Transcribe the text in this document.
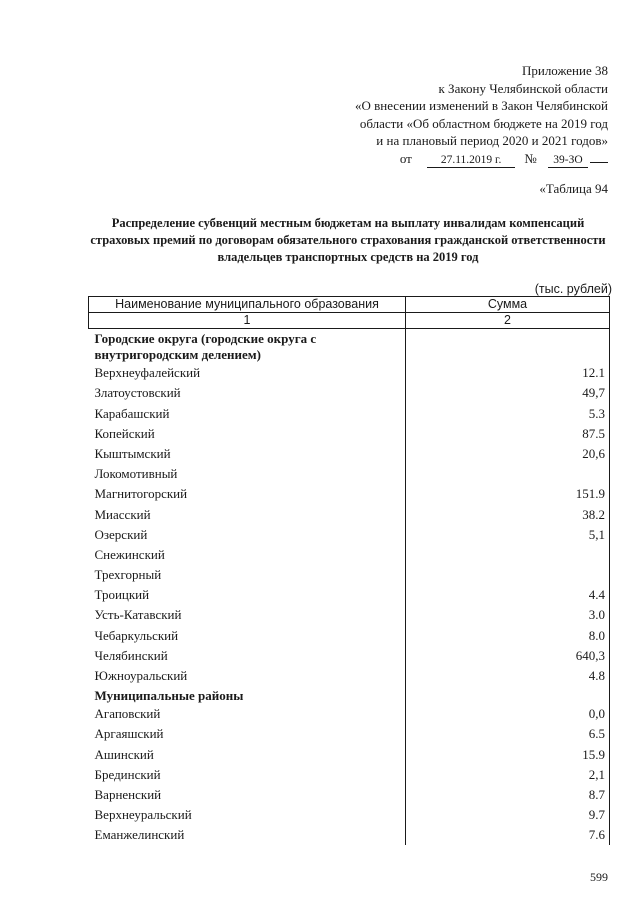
Приложение 38
к Закону Челябинской области
«О внесении изменений в Закон Челябинской
области «Об областном бюджете на 2019 год
и на плановый период 2020 и 2021 годов»
от	27.11.2019 г. № 39-ЗО
«Таблица 94
Распределение субвенций местным бюджетам на выплату инвалидам компенсаций страховых премий по договорам обязательного страхования гражданской ответственности владельцев транспортных средств на 2019 год
(тыс. рублей)
Наименование муниципального образования	Сумма
1	2
Городские округа (городские округа с внутригородским делением)	
Верхнеуфалейский	12.1
Златоустовский	49,7
Карабашский	5.3
Копейский	87.5
Кыштымский	20,6
Локомотивный	
Магнитогорский	151.9
Миасский	38.2
Озерский	5,1
Снежинский	
Трехгорный	
Троицкий	4.4
Усть-Катавский	3.0
Чебаркульский	8.0
Челябинский	640,3
Южноуральский	4.8
Муниципальные районы	
Агаповский	0,0
Аргаяшский	6.5
Ашинский	15.9
Брединский	2,1
Варненский	8.7
Верхнеуральский	9.7
Еманжелинский	7.6
599
